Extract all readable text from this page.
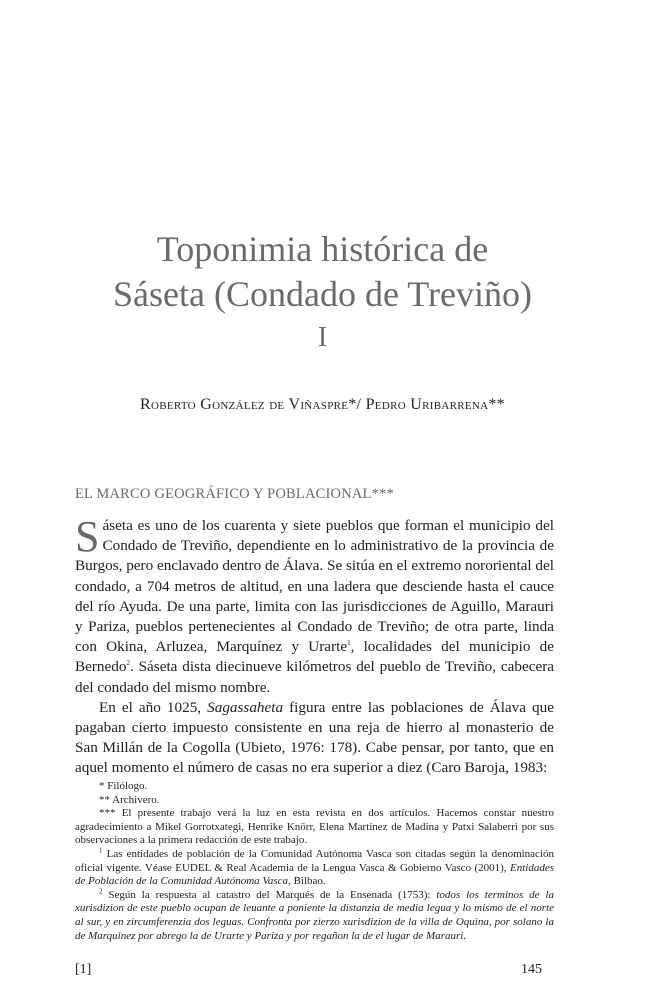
Toponimia histórica de
Sáseta (Condado de Treviño)
I
Roberto González de Viñaspre*/ Pedro Uribarrena**
EL MARCO GEOGRÁFICO Y POBLACIONAL***

Sáseta es uno de los cuarenta y siete pueblos que forman el municipio del Condado de Treviño, dependiente en lo administrativo de la provincia de Burgos, pero enclavado dentro de Álava. Se sitúa en el extremo nororiental del condado, a 704 metros de altitud, en una ladera que desciende hasta el cauce del río Ayuda. De una parte, limita con las jurisdicciones de Aguillo, Marauri y Pariza, pueblos pertenecientes al Condado de Treviño; de otra parte, linda con Okina, Arluzea, Marquínez y Urarte$^1$, localidades del municipio de Bernedo$^2$. Sáseta dista diecinueve kilómetros del pueblo de Treviño, cabecera del condado del mismo nombre.

En el año 1025, Sagassaheta figura entre las poblaciones de Álava que pagaban cierto impuesto consistente en una reja de hierro al monasterio de San Millán de la Cogolla (Ubieto, 1976: 178). Cabe pensar, por tanto, que en aquel momento el número de casas no era superior a diez (Caro Baroja, 1983:

* Filólogo.

** Archivero.

*** El presente trabajo verá la luz en esta revista en dos artículos. Hacemos constar nuestro agradecimiento a Mikel Gorrotxategi, Henrike Knörr, Elena Martínez de Madina y Patxi Salaberri por sus observaciones a la primera redacción de este trabajo.

$^1$ Las entidades de población de la Comunidad Autónoma Vasca son citadas según la denominación oficial vigente. Véase EUDEL & Real Academia de la Lengua Vasca & Gobierno Vasco (2001), Entidades de Población de la Comunidad Autónoma Vasca, Bilbao.

$^2$ Según la respuesta al catastro del Marqués de la Ensenada (1753): todos los terminos de la xurisdizion de este pueblo ocupan de leuante a poniente la distanzia de media legua y lo mismo de el norte al sur, y en zircumferenzia dos leguas. Confronta por zierzo xurisdizion de la villa de Oquina, por solano la de Marquinez por abrego la de Urarte y Pariza y por regañon la de el lugar de Marauri.

[1]	145
